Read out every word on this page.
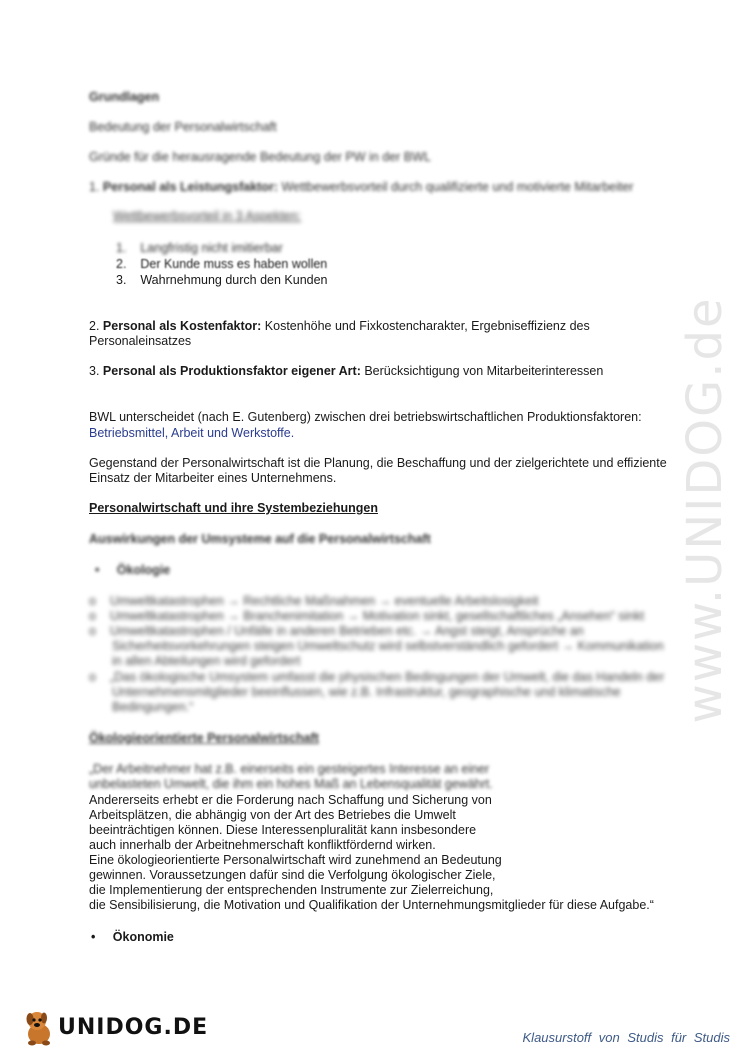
www.UNIDOG.de
Grundlagen
Bedeutung der Personalwirtschaft
Gründe für die herausragende Bedeutung der PW in der BWL
1. Personal als Leistungsfaktor: Wettbewerbsvorteil durch qualifizierte und motivierte Mitarbeiter
Wettbewerbsvorteil in 3 Aspekten:
1. Langfristig nicht imitierbar
2. Der Kunde muss es haben wollen
3. Wahrnehmung durch den Kunden
2. Personal als Kostenfaktor: Kostenhöhe und Fixkostencharakter, Ergebniseffizienz des
Personaleinsatzes
3. Personal als Produktionsfaktor eigener Art: Berücksichtigung von Mitarbeiterinteressen
BWL unterscheidet (nach E. Gutenberg) zwischen drei betriebswirtschaftlichen Produktionsfaktoren:
Betriebsmittel, Arbeit und Werkstoffe.
Gegenstand der Personalwirtschaft ist die Planung, die Beschaffung und der zielgerichtete und effiziente
Einsatz der Mitarbeiter eines Unternehmens.
Personalwirtschaft und ihre Systembeziehungen
Auswirkungen der Umsysteme auf die Personalwirtschaft
• Ökologie
o    Umweltkatastrophen → Rechtliche Maßnahmen → eventuelle Arbeitslosigkeit
o    Umweltkatastrophen → Branchenimitation → Motivation sinkt, gesellschaftliches „Ansehen“ sinkt
o    Umweltkatastrophen / Unfälle in anderen Betrieben etc. → Angst steigt, Ansprüche an
Sicherheitsvorkehrungen steigen Umweltschutz wird selbstverständlich gefordert → Kommunikation
in allen Abteilungen wird gefordert
o    „Das ökologische Umsystem umfasst die physischen Bedingungen der Umwelt, die das Handeln der
Unternehmensmitglieder beeinflussen, wie z.B. Infrastruktur, geographische und klimatische
Bedingungen.“
Ökologieorientierte Personalwirtschaft
„Der Arbeitnehmer hat z.B. einerseits ein gesteigertes Interesse an einer
unbelasteten Umwelt, die ihm ein hohes Maß an Lebensqualität gewährt.
Andererseits erhebt er die Forderung nach Schaffung und Sicherung von
Arbeitsplätzen, die abhängig von der Art des Betriebes die Umwelt
beeinträchtigen können. Diese Interessenpluralität kann insbesondere
auch innerhalb der Arbeitnehmerschaft konfliktfördernd wirken.
Eine ökologieorientierte Personalwirtschaft wird zunehmend an Bedeutung
gewinnen. Voraussetzungen dafür sind die Verfolgung ökologischer Ziele,
die Implementierung der entsprechenden Instrumente zur Zielerreichung,
die Sensibilisierung, die Motivation und Qualifikation der Unternehmungsmitglieder für diese Aufgabe.“
• Ökonomie
UNIDOG.DE	Klausurstoff von Studis für Studis
